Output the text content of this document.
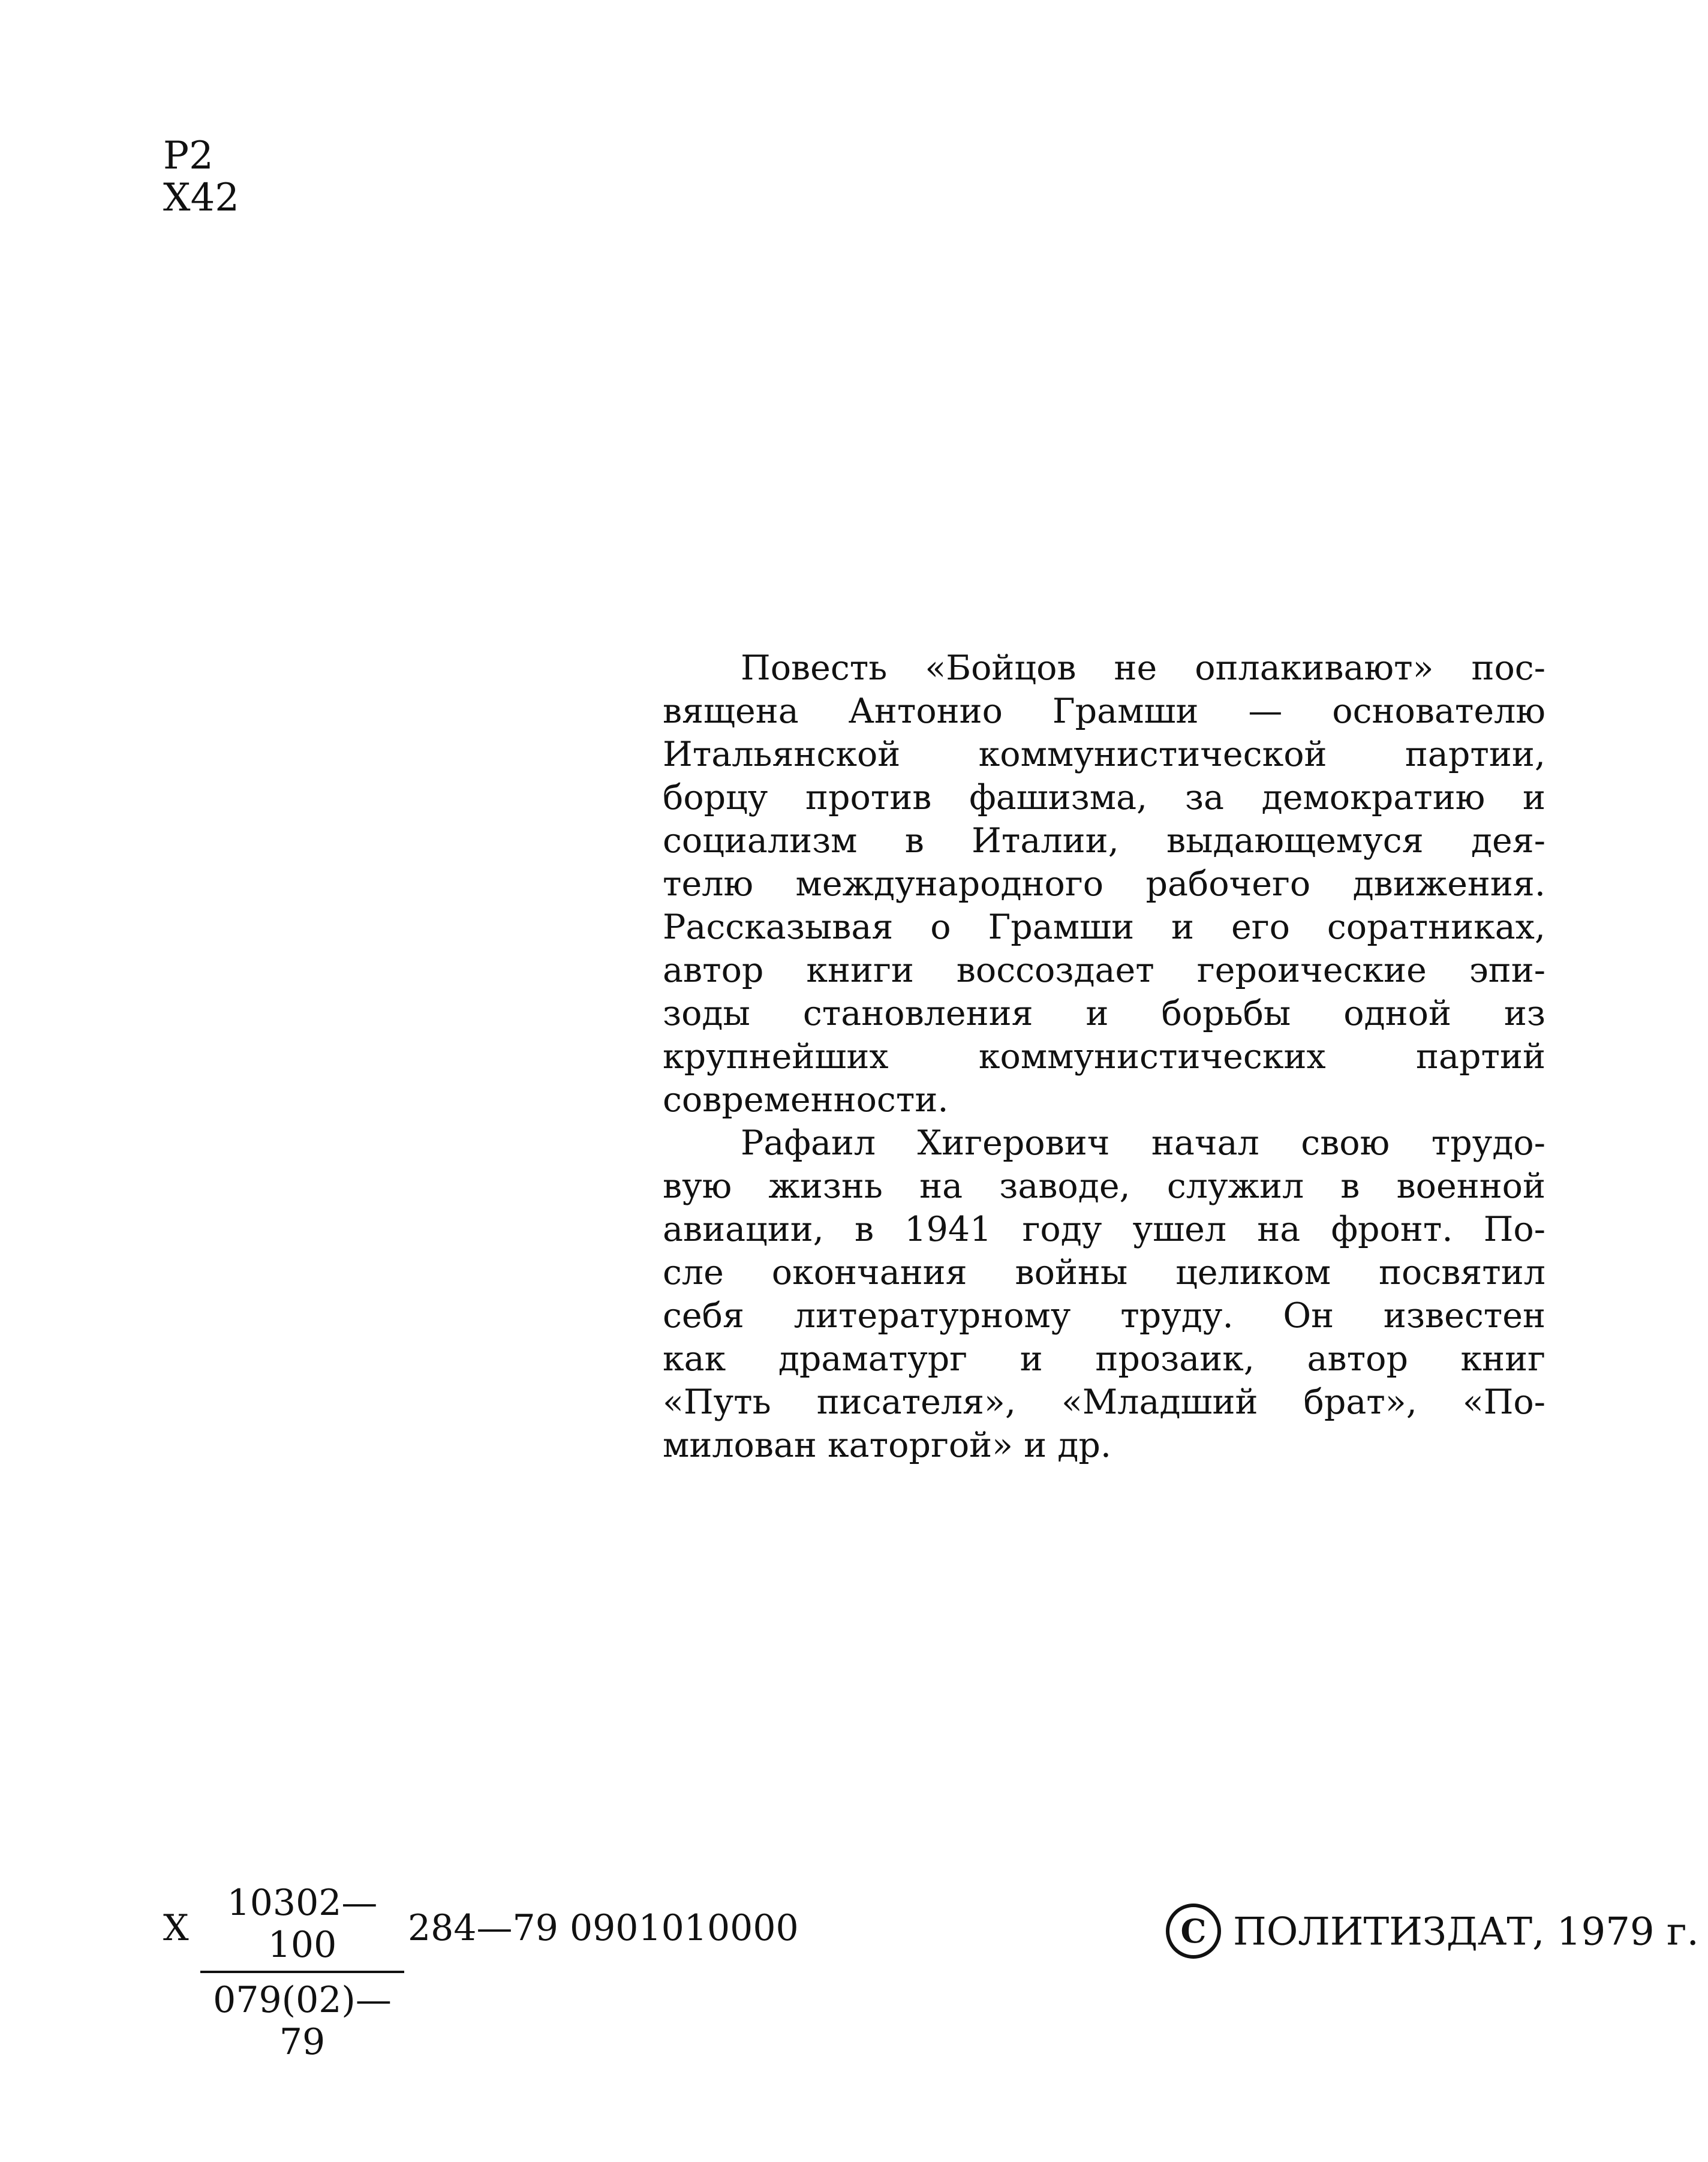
Р2
Х42
Повесть «Бойцов не оплакивают» пос-
вящена Антонио Грамши — основателю
Итальянской коммунистической партии,
борцу против фашизма, за демократию и
социализм в Италии, выдающемуся дея-
телю международного рабочего движения.
Рассказывая о Грамши и его соратниках,
автор книги воссоздает героические эпи-
зоды становления и борьбы одной из
крупнейших коммунистических партий
современности.
Рафаил Хигерович начал свою трудо-
вую жизнь на заводе, служил в военной
авиации, в 1941 году ушел на фронт. По-
сле окончания войны целиком посвятил
себя литературному труду. Он известен
как драматург и прозаик, автор книг
«Путь писателя», «Младший брат», «По-
милован каторгой» и др.
Х
10302—100
079(02)—79
284—79 0901010000	C ПОЛИТИЗДАТ, 1979 г.
